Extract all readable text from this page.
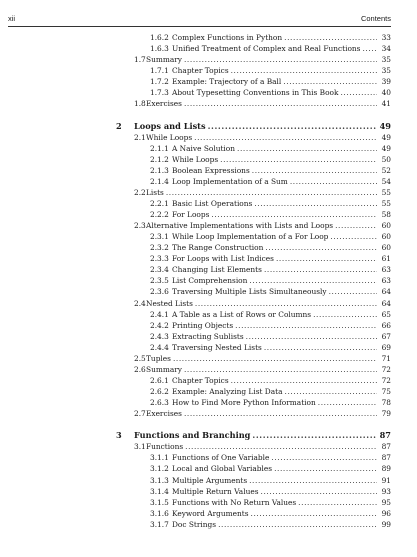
xii	Contents
1.6.2 Complex Functions in Python .....	33
1.6.3 Unified Treatment of Complex and Real Functions .....	34
1.7 Summary .....	35
1.7.1 Chapter Topics .....	35
1.7.2 Example: Trajectory of a Ball .....	39
1.7.3 About Typesetting Conventions in This Book .....	40
1.8 Exercises .....	41
2	Loops and Lists .....	49
2.1 While Loops .....	49
2.1.1 A Naive Solution .....	49
2.1.2 While Loops .....	50
2.1.3 Boolean Expressions .....	52
2.1.4 Loop Implementation of a Sum .....	54
2.2 Lists .....	55
2.2.1 Basic List Operations .....	55
2.2.2 For Loops .....	58
2.3 Alternative Implementations with Lists and Loops .....	60
2.3.1 While Loop Implementation of a For Loop .....	60
2.3.2 The Range Construction .....	60
2.3.3 For Loops with List Indices .....	61
2.3.4 Changing List Elements .....	63
2.3.5 List Comprehension .....	63
2.3.6 Traversing Multiple Lists Simultaneously .....	64
2.4 Nested Lists .....	64
2.4.1 A Table as a List of Rows or Columns .....	65
2.4.2 Printing Objects .....	66
2.4.3 Extracting Sublists .....	67
2.4.4 Traversing Nested Lists .....	69
2.5 Tuples .....	71
2.6 Summary .....	72
2.6.1 Chapter Topics .....	72
2.6.2 Example: Analyzing List Data .....	75
2.6.3 How to Find More Python Information .....	78
2.7 Exercises .....	79
3	Functions and Branching .....	87
3.1 Functions .....	87
3.1.1 Functions of One Variable .....	87
3.1.2 Local and Global Variables .....	89
3.1.3 Multiple Arguments .....	91
3.1.4 Multiple Return Values .....	93
3.1.5 Functions with No Return Values .....	95
3.1.6 Keyword Arguments .....	96
3.1.7 Doc Strings .....	99
